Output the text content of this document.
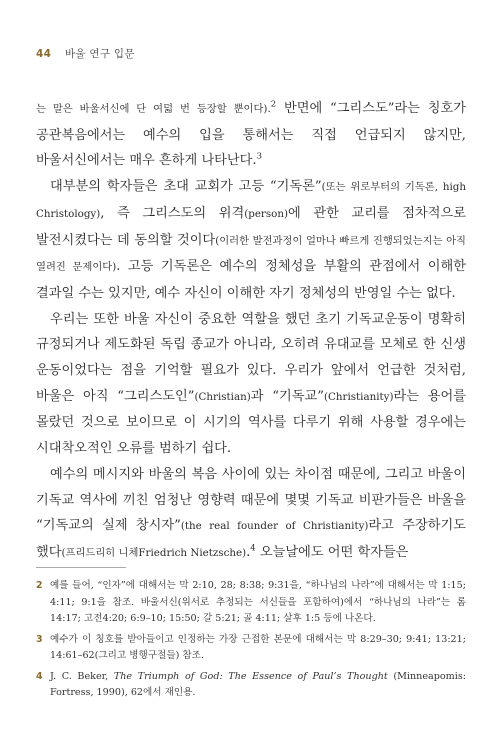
44 바울 연구 입문

는 말은 바울서신에 단 여덟 번 등장할 뿐이다).$^2$ 반면에 “그리스도”라는 칭호가 공관복음에서는 예수의 입을 통해서는 직접 언급되지 않지만, 바울서신에서는 매우 흔하게 나타난다.$^3$

대부분의 학자들은 초대 교회가 고등 “기독론”(또는 위로부터의 기독론, high Christology), 즉 그리스도의 위격(person)에 관한 교리를 점차적으로 발전시켰다는 데 동의할 것이다(이러한 발전과정이 얼마나 빠르게 진행되었는지는 아직 열려진 문제이다). 고등 기독론은 예수의 정체성을 부활의 관점에서 이해한 결과일 수는 있지만, 예수 자신이 이해한 자기 정체성의 반영일 수는 없다.

우리는 또한 바울 자신이 중요한 역할을 했던 초기 기독교운동이 명확히 규정되거나 제도화된 독립 종교가 아니라, 오히려 유대교를 모체로 한 신생 운동이었다는 점을 기억할 필요가 있다. 우리가 앞에서 언급한 것처럼, 바울은 아직 “그리스도인”(Christian)과 “기독교”(Christianity)라는 용어를 몰랐던 것으로 보이므로 이 시기의 역사를 다루기 위해 사용할 경우에는 시대착오적인 오류를 범하기 쉽다.

예수의 메시지와 바울의 복음 사이에 있는 차이점 때문에, 그리고 바울이 기독교 역사에 끼친 엄청난 영향력 때문에 몇몇 기독교 비판가들은 바울을 “기독교의 실제 창시자”(the real founder of Christianity)라고 주장하기도 했다(프리드리히 니체Friedrich Nietzsche).$^4$ 오늘날에도 어떤 학자들은

2 예를 들어, “인자”에 대해서는 막 2:10, 28; 8:38; 9:31을, “하나님의 나라”에 대해서는 막 1:15; 4:11; 9:1을 참조. 바울서신(위서로 추정되는 서신들을 포함하여)에서 “하나님의 나라”는 롬 14:17; 고전4:20; 6:9–10; 15:50; 갈 5:21; 골 4:11; 살후 1:5 등에 나온다.
3 예수가 이 칭호를 받아들이고 인정하는 가장 근접한 본문에 대해서는 막 8:29–30; 9:41; 13:21; 14:61–62(그리고 병행구절들) 참조.
4 J. C. Beker, The Triumph of God: The Essence of Paul’s Thought (Minneapomis: Fortress, 1990), 62에서 재인용.
